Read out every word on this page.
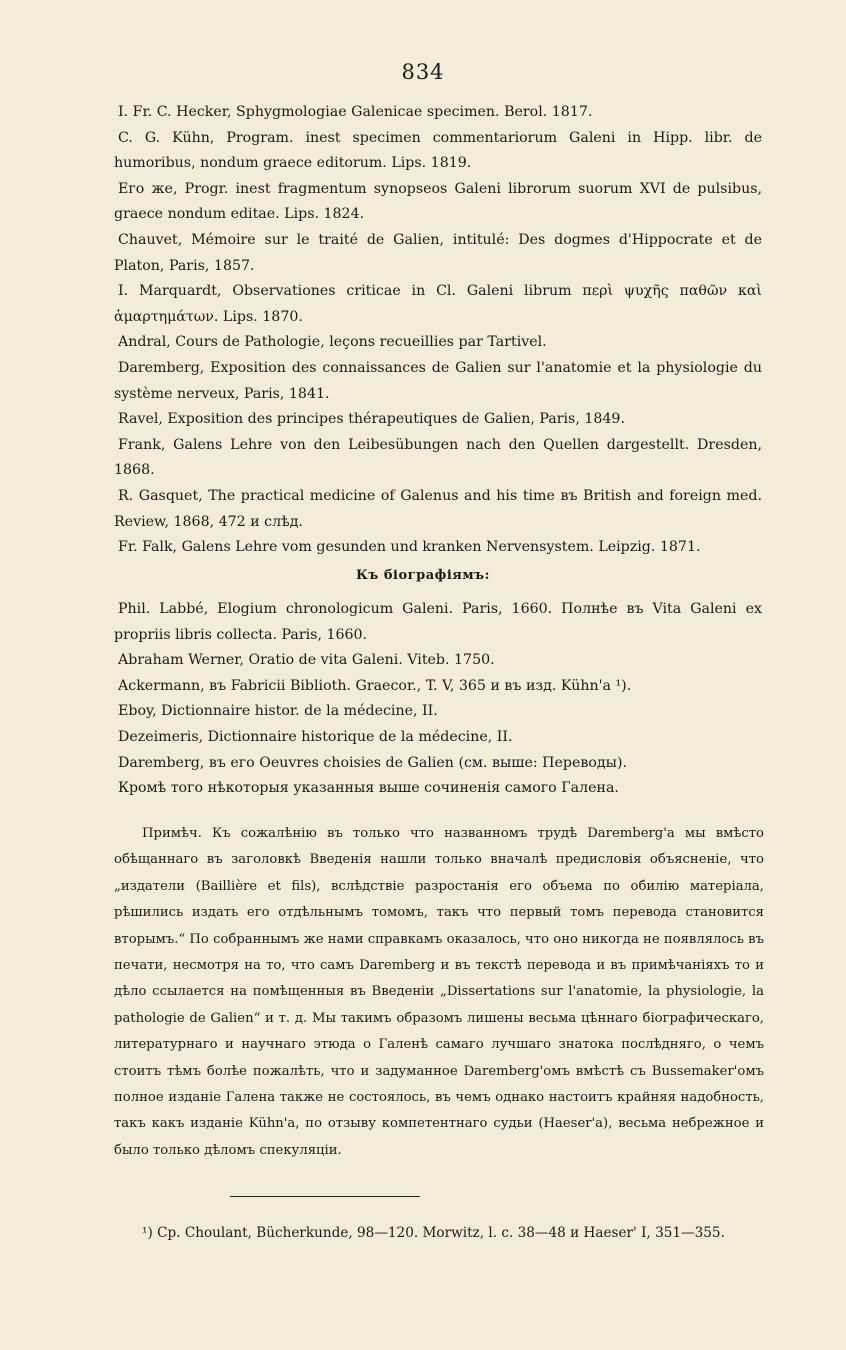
834

I. Fr. C. Hecker, Sphygmologiae Galenicae specimen. Berol. 1817.

C. G. Kühn, Program. inest specimen commentariorum Galeni in Hipp. libr. de humoribus, nondum graece editorum. Lips. 1819.

Его же, Progr. inest fragmentum synopseos Galeni librorum suorum XVI de pulsibus, graece nondum editae. Lips. 1824.

Chauvet, Mémoire sur le traité de Galien, intitulé: Des dogmes d'Hippocrate et de Platon, Paris, 1857.

I. Marquardt, Observationes criticae in Cl. Galeni librum περὶ ψυχῆς παθῶν καὶ ἁμαρτημάτων. Lips. 1870.

Andral, Cours de Pathologie, leçons recueillies par Tartivel.

Daremberg, Exposition des connaissances de Galien sur l'anatomie et la physiologie du système nerveux, Paris, 1841.

Ravel, Exposition des principes thérapeutiques de Galien, Paris, 1849.

Frank, Galens Lehre von den Leibesübungen nach den Quellen dargestellt. Dresden, 1868.

R. Gasquet, The practical medicine of Galenus and his time въ British and foreign med. Review, 1868, 472 и слѣд.

Fr. Falk, Galens Lehre vom gesunden und kranken Nervensystem. Leipzig. 1871.

Къ біографіямъ:

Phil. Labbé, Elogium chronologicum Galeni. Paris, 1660. Полнѣе въ Vita Galeni ex propriis libris collecta. Paris, 1660.

Abraham Werner, Oratio de vita Galeni. Viteb. 1750.

Ackermann, въ Fabricii Biblioth. Graecor., T. V, 365 и въ изд. Kühn'a ¹).

Eboy, Dictionnaire histor. de la médecine, II.

Dezeimeris, Dictionnaire historique de la médecine, II.

Daremberg, въ его Oeuvres choisies de Galien (см. выше: Переводы).

Кромѣ того нѣкоторыя указанныя выше сочиненія самого Галена.

Примѣч. Къ сожалѣнію въ только что названномъ трудѣ Daremberg'а мы вмѣсто обѣщаннаго въ заголовкѣ Введенія нашли только вначалѣ предисловія объясненіе, что „издатели (Baillière et fils), вслѣдствіе разростанія его объема по обилію матеріала, рѣшились издать его отдѣльнымъ томомъ, такъ что первый томъ перевода становится вторымъ.“ По собраннымъ же нами справкамъ оказалось, что оно никогда не появлялось въ печати, несмотря на то, что самъ Daremberg и въ текстѣ перевода и въ примѣчаніяхъ то и дѣло ссылается на помѣщенныя въ Введеніи „Dissertations sur l'anatomie, la physiologie, la pathologie de Galien“ и т. д. Мы такимъ образомъ лишены весьма цѣннаго біографическаго, литературнаго и научнаго этюда о Галенѣ самаго лучшаго знатока послѣдняго, о чемъ стоитъ тѣмъ болѣе пожалѣть, что и задуманное Daremberg'омъ вмѣстѣ съ Bussemaker'омъ полное изданіе Галена также не состоялось, въ чемъ однако настоитъ крайняя надобность, такъ какъ изданіе Kühn'а, по отзыву компетентнаго судьи (Haeser'а), весьма небрежное и было только дѣломъ спекуляціи.

¹) Ср. Choulant, Bücherkunde, 98—120. Morwitz, l. c. 38—48 и Haeser' I, 351—355.
